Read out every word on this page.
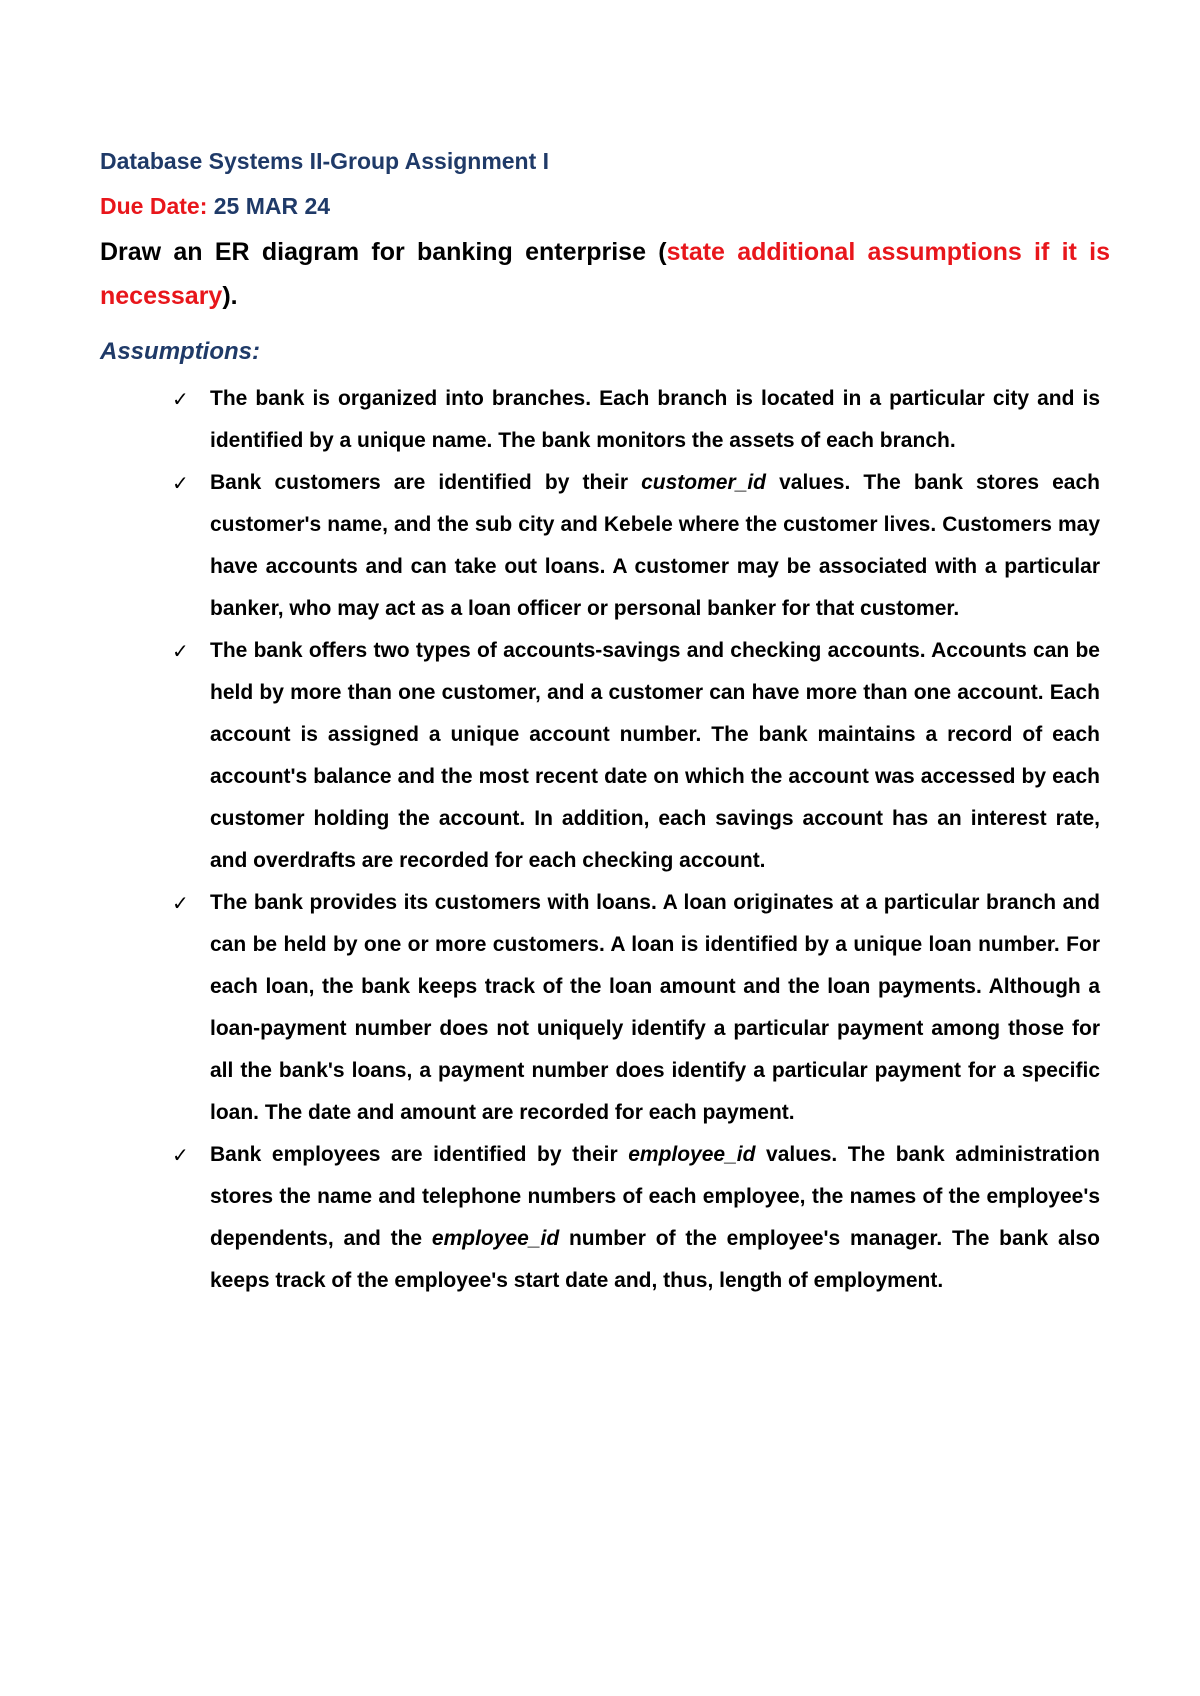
Database Systems II-Group Assignment I
Due Date: 25 MAR 24
Draw an ER diagram for banking enterprise (state additional assumptions if it is necessary).
Assumptions:
✓ The bank is organized into branches. Each branch is located in a particular city and is identified by a unique name. The bank monitors the assets of each branch.
✓ Bank customers are identified by their customer_id values. The bank stores each customer's name, and the sub city and Kebele where the customer lives. Customers may have accounts and can take out loans. A customer may be associated with a particular banker, who may act as a loan officer or personal banker for that customer.
✓ The bank offers two types of accounts-savings and checking accounts. Accounts can be held by more than one customer, and a customer can have more than one account. Each account is assigned a unique account number. The bank maintains a record of each account's balance and the most recent date on which the account was accessed by each customer holding the account. In addition, each savings account has an interest rate, and overdrafts are recorded for each checking account.
✓ The bank provides its customers with loans. A loan originates at a particular branch and can be held by one or more customers. A loan is identified by a unique loan number. For each loan, the bank keeps track of the loan amount and the loan payments. Although a loan-payment number does not uniquely identify a particular payment among those for all the bank's loans, a payment number does identify a particular payment for a specific loan. The date and amount are recorded for each payment.
✓ Bank employees are identified by their employee_id values. The bank administration stores the name and telephone numbers of each employee, the names of the employee's dependents, and the employee_id number of the employee's manager. The bank also keeps track of the employee's start date and, thus, length of employment.
